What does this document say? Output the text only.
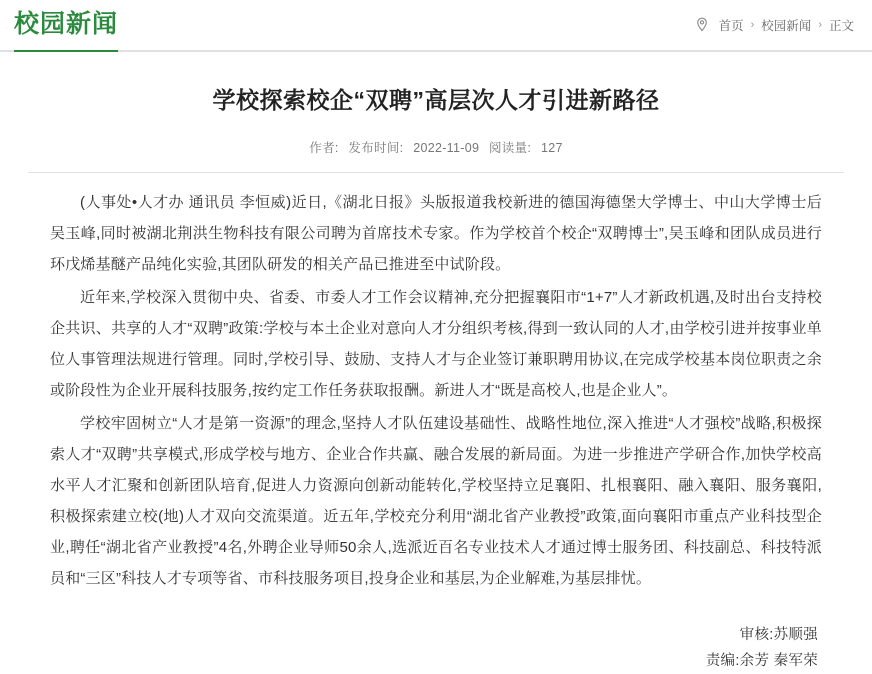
校园新闻	首页 › 校园新闻 › 正文
学校探索校企“双聘”高层次人才引进新路径
作者: 发布时间: 2022-11-09 阅读量: 127

(人事处•人才办 通讯员 李恒威)近日,《湖北日报》头版报道我校新进的德国海德堡大学博士、中山大学博士后吴玉峰,同时被湖北荆洪生物科技有限公司聘为首席技术专家。作为学校首个校企“双聘博士”,吴玉峰和团队成员进行环戊烯基醚产品纯化实验,其团队研发的相关产品已推进至中试阶段。

近年来,学校深入贯彻中央、省委、市委人才工作会议精神,充分把握襄阳市“1+7”人才新政机遇,及时出台支持校企共识、共享的人才“双聘”政策:学校与本土企业对意向人才分组织考核,得到一致认同的人才,由学校引进并按事业单位人事管理法规进行管理。同时,学校引导、鼓励、支持人才与企业签订兼职聘用协议,在完成学校基本岗位职责之余或阶段性为企业开展科技服务,按约定工作任务获取报酬。新进人才“既是高校人,也是企业人”。

学校牢固树立“人才是第一资源”的理念,坚持人才队伍建设基础性、战略性地位,深入推进“人才强校”战略,积极探索人才“双聘”共享模式,形成学校与地方、企业合作共赢、融合发展的新局面。为进一步推进产学研合作,加快学校高水平人才汇聚和创新团队培育,促进人力资源向创新动能转化,学校坚持立足襄阳、扎根襄阳、融入襄阳、服务襄阳,积极探索建立校(地)人才双向交流渠道。近五年,学校充分利用“湖北省产业教授”政策,面向襄阳市重点产业科技型企业,聘任“湖北省产业教授”4名,外聘企业导师50余人,选派近百名专业技术人才通过博士服务团、科技副总、科技特派员和“三区”科技人才专项等省、市科技服务项目,投身企业和基层,为企业解难,为基层排忧。

审核:苏顺强
责编:余芳 秦军荣
